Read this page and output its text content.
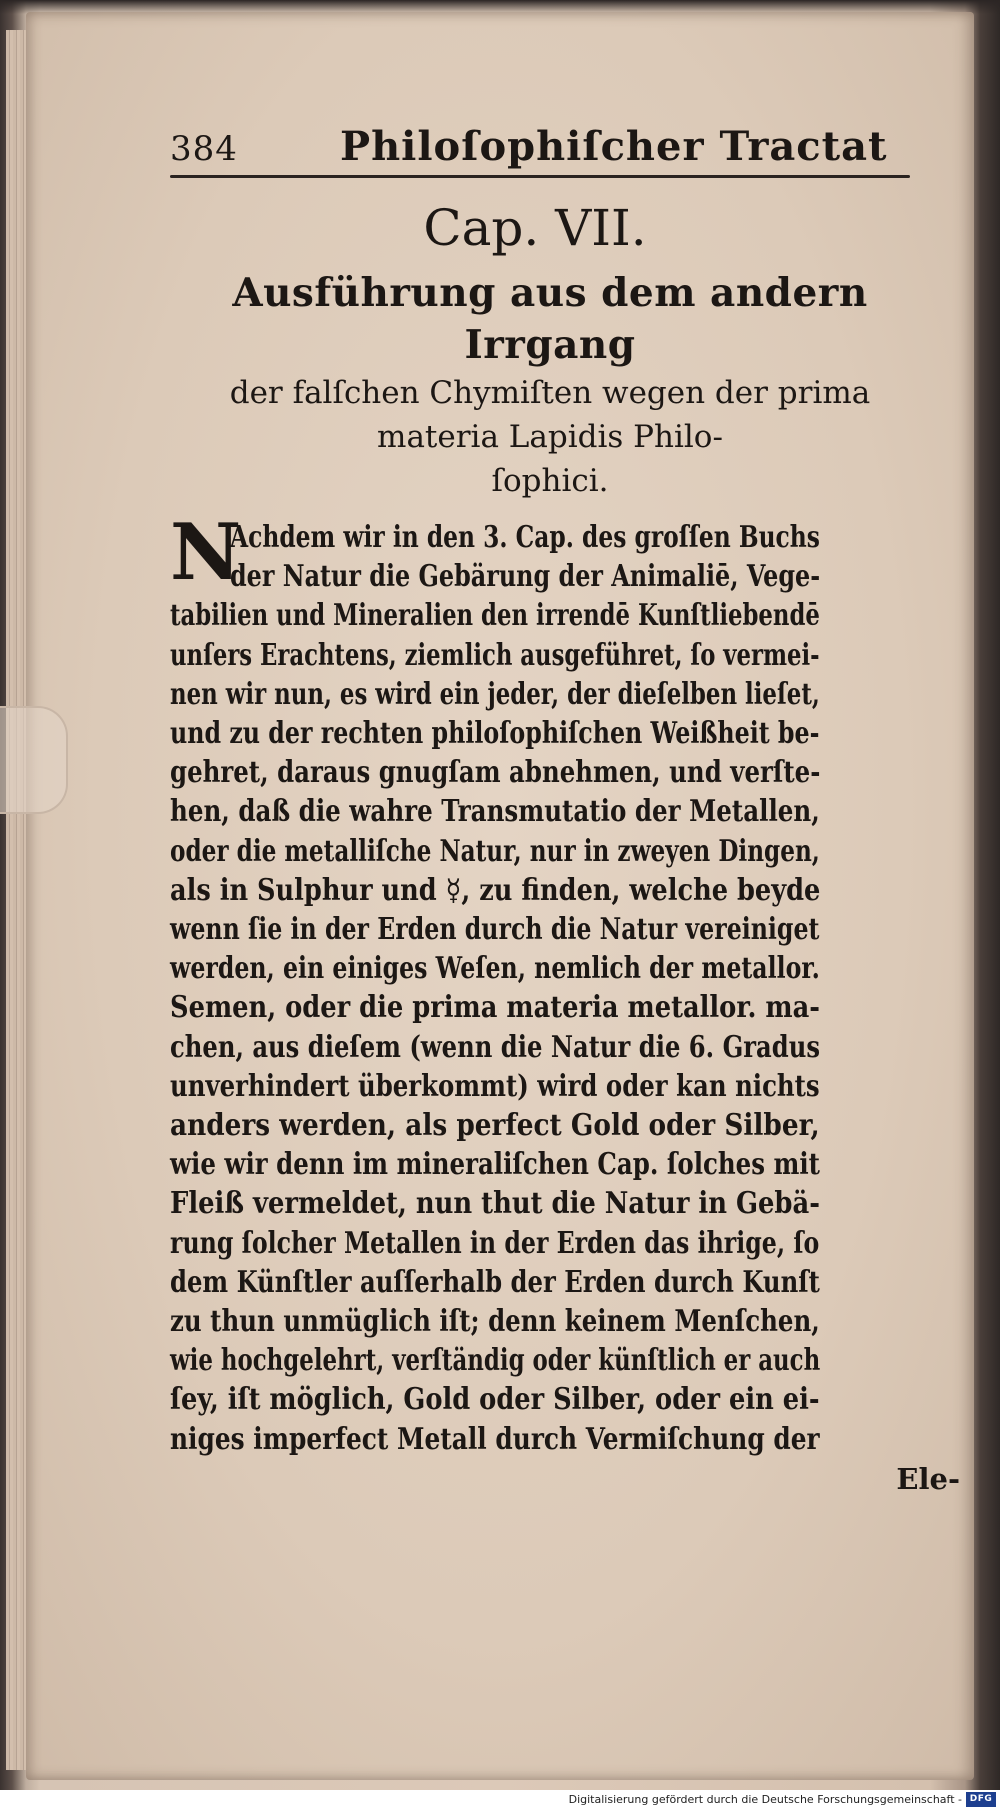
384	Philoſophiſcher Tractat
Cap. VII.
Ausführung aus dem andern Irrgang
der falſchen Chymiſten wegen der prima
materia Lapidis Philo-
ſophici.
N
Achdem wir in den 3. Cap. des groſſen Buchs
der Natur die Gebärung der Animaliē, Vege-
tabilien und Mineralien den irrendē Kunſtliebendē
unſers Erachtens, ziemlich ausgeführet, ſo vermei-
nen wir nun, es wird ein jeder, der dieſelben lieſet,
und zu der rechten philoſophiſchen Weißheit be-
gehret, daraus gnugſam abnehmen, und verſte-
hen, daß die wahre Transmutatio der Metallen,
oder die metalliſche Natur, nur in zweyen Dingen,
als in Sulphur und ☿, zu finden, welche beyde
wenn ſie in der Erden durch die Natur vereiniget
werden, ein einiges Weſen, nemlich der metallor.
Semen, oder die prima materia metallor. ma-
chen, aus dieſem (wenn die Natur die 6. Gradus
unverhindert überkommt) wird oder kan nichts
anders werden, als perfect Gold oder Silber,
wie wir denn im mineraliſchen Cap. ſolches mit
Fleiß vermeldet, nun thut die Natur in Gebä-
rung ſolcher Metallen in der Erden das ihrige, ſo
dem Künſtler auſſerhalb der Erden durch Kunſt
zu thun unmüglich iſt; denn keinem Menſchen,
wie hochgelehrt, verſtändig oder künſtlich er auch
ſey, iſt möglich, Gold oder Silber, oder ein ei-
niges imperfect Metall durch Vermiſchung der
Ele-
Digitalisierung gefördert durch die Deutsche Forschungsgemeinschaft - DFG
